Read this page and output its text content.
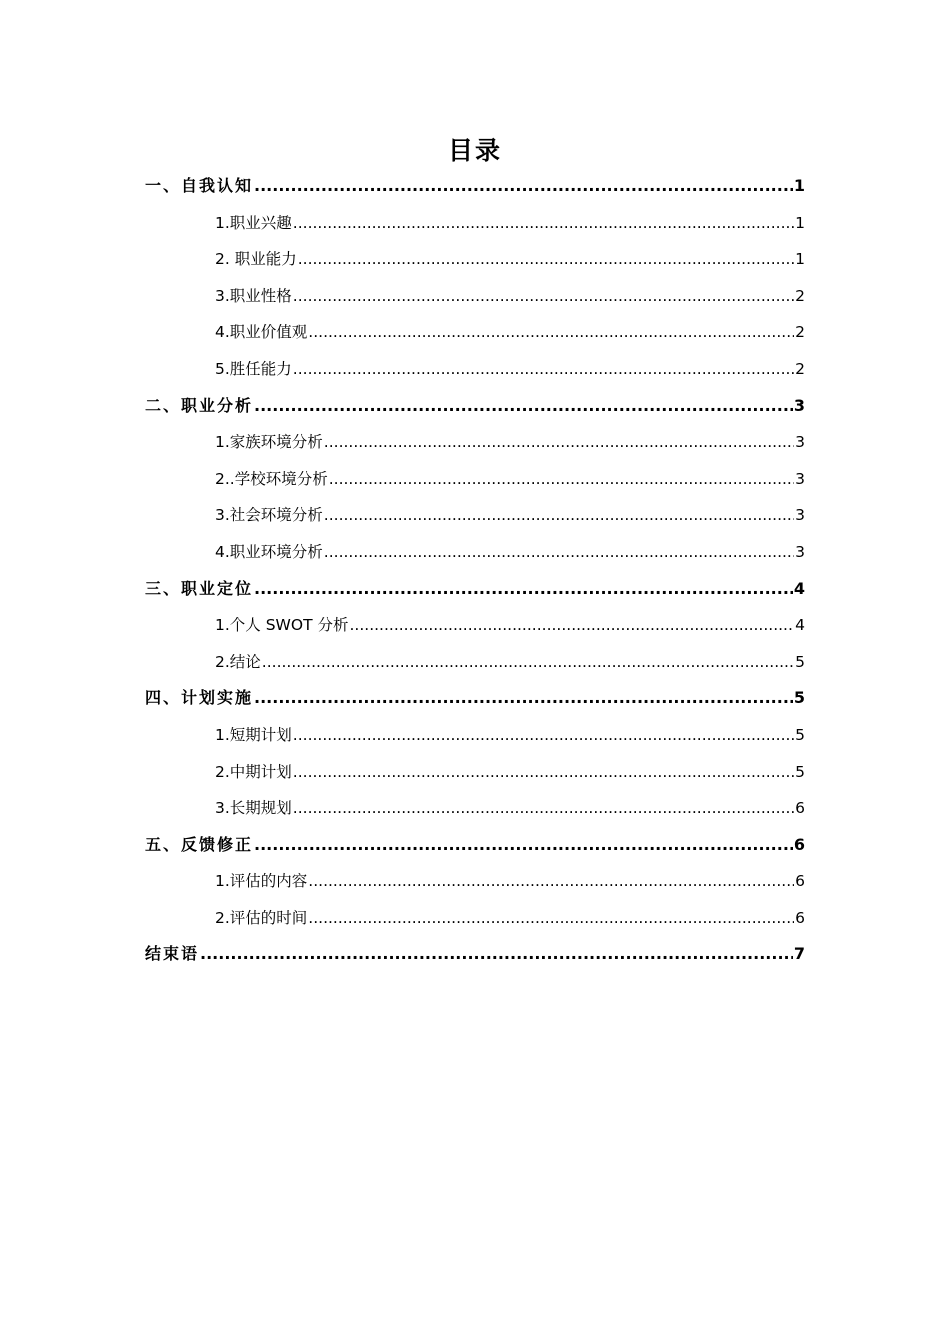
目录
一、自我认知 .....	1
1.职业兴趣 .....	1
2. 职业能力 .....	1
3.职业性格 .....	2
4.职业价值观 .....	2
5.胜任能力 .....	2
二、职业分析 .....	3
1.家族环境分析 .....	3
2..学校环境分析 .....	3
3.社会环境分析 .....	3
4.职业环境分析 .....	3
三、职业定位 .....	4
1.个人 SWOT 分析 .....	4
2.结论 .....	5
四、计划实施 .....	5
1.短期计划 .....	5
2.中期计划 .....	5
3.长期规划 .....	6
五、反馈修正 .....	6
1.评估的内容 .....	6
2.评估的时间 .....	6
结束语 .....	7
